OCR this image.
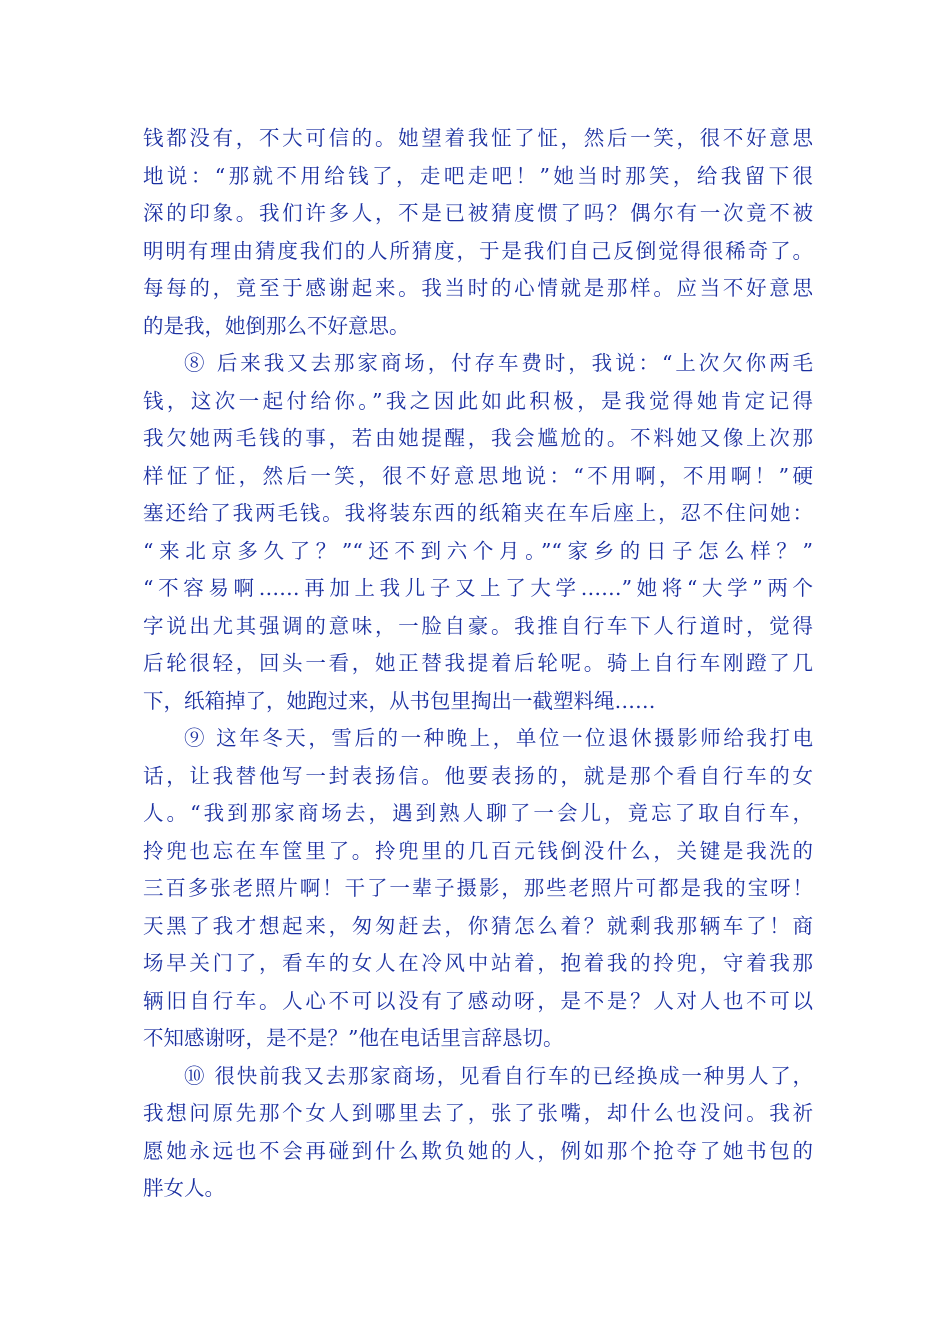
钱都没有，不大可信的。她望着我怔了怔，然后一笑，很不好意思
地说：“那就不用给钱了，走吧走吧！”她当时那笑，给我留下很
深的印象。我们许多人，不是已被猜度惯了吗？偶尔有一次竟不被
明明有理由猜度我们的人所猜度，于是我们自己反倒觉得很稀奇了。
每每的，竟至于感谢起来。我当时的心情就是那样。应当不好意思
的是我，她倒那么不好意思。
⑧ 后来我又去那家商场，付存车费时，我说：“上次欠你两毛
钱，这次一起付给你。”我之因此如此积极，是我觉得她肯定记得
我欠她两毛钱的事，若由她提醒，我会尴尬的。不料她又像上次那
样怔了怔，然后一笑，很不好意思地说：“不用啊，不用啊！”硬
塞还给了我两毛钱。我将装东西的纸箱夹在车后座上，忍不住问她：
“来北京多久了？”“还不到六个月。”“家乡的日子怎么样？”
“不容易啊……再加上我儿子又上了大学……”她将“大学”两个
字说出尤其强调的意味，一脸自豪。我推自行车下人行道时，觉得
后轮很轻，回头一看，她正替我提着后轮呢。骑上自行车刚蹬了几
下，纸箱掉了，她跑过来，从书包里掏出一截塑料绳……
⑨ 这年冬天，雪后的一种晚上，单位一位退休摄影师给我打电
话，让我替他写一封表扬信。他要表扬的，就是那个看自行车的女
人。“我到那家商场去，遇到熟人聊了一会儿，竟忘了取自行车，
拎兜也忘在车筐里了。拎兜里的几百元钱倒没什么，关键是我洗的
三百多张老照片啊！干了一辈子摄影，那些老照片可都是我的宝呀！
天黑了我才想起来，匆匆赶去，你猜怎么着？就剩我那辆车了！商
场早关门了，看车的女人在冷风中站着，抱着我的拎兜，守着我那
辆旧自行车。人心不可以没有了感动呀，是不是？人对人也不可以
不知感谢呀，是不是？”他在电话里言辞恳切。
⑩ 很快前我又去那家商场，见看自行车的已经换成一种男人了，
我想问原先那个女人到哪里去了，张了张嘴，却什么也没问。我祈
愿她永远也不会再碰到什么欺负她的人，例如那个抢夺了她书包的
胖女人。
